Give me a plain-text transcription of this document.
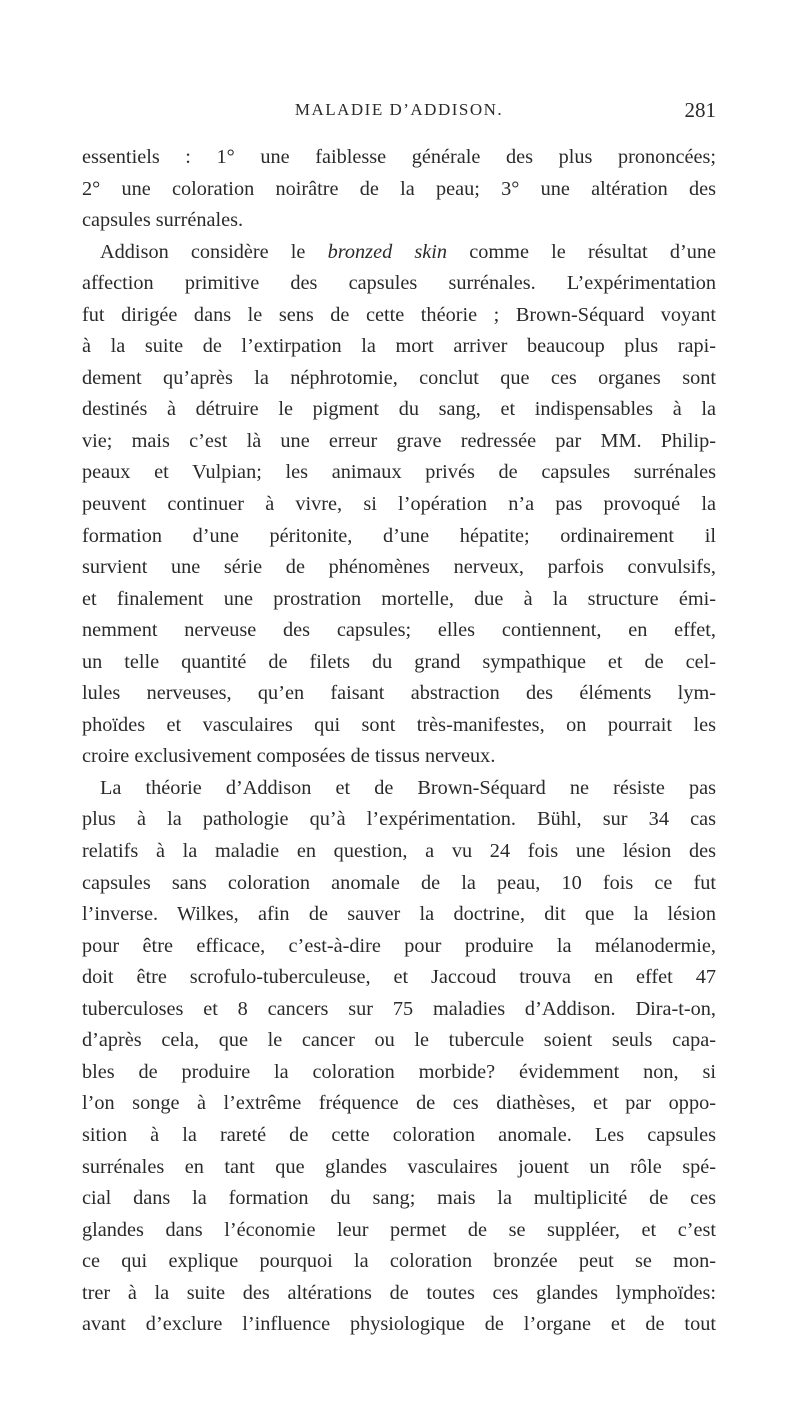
MALADIE D’ADDISON.	281
essentiels : 1° une faiblesse générale des plus prononcées;
2° une coloration noirâtre de la peau; 3° une altération des
capsules surrénales.
Addison considère le bronzed skin comme le résultat d’une
affection primitive des capsules surrénales. L’expérimentation
fut dirigée dans le sens de cette théorie ; Brown-Séquard voyant
à la suite de l’extirpation la mort arriver beaucoup plus rapi-
dement qu’après la néphrotomie, conclut que ces organes sont
destinés à détruire le pigment du sang, et indispensables à la
vie; mais c’est là une erreur grave redressée par MM. Philip-
peaux et Vulpian; les animaux privés de capsules surrénales
peuvent continuer à vivre, si l’opération n’a pas provoqué la
formation d’une péritonite, d’une hépatite; ordinairement il
survient une série de phénomènes nerveux, parfois convulsifs,
et finalement une prostration mortelle, due à la structure émi-
nemment nerveuse des capsules; elles contiennent, en effet,
un telle quantité de filets du grand sympathique et de cel-
lules nerveuses, qu’en faisant abstraction des éléments lym-
phoïdes et vasculaires qui sont très-manifestes, on pourrait les
croire exclusivement composées de tissus nerveux.
La théorie d’Addison et de Brown-Séquard ne résiste pas
plus à la pathologie qu’à l’expérimentation. Bühl, sur 34 cas
relatifs à la maladie en question, a vu 24 fois une lésion des
capsules sans coloration anomale de la peau, 10 fois ce fut
l’inverse. Wilkes, afin de sauver la doctrine, dit que la lésion
pour être efficace, c’est-à-dire pour produire la mélanodermie,
doit être scrofulo-tuberculeuse, et Jaccoud trouva en effet 47
tuberculoses et 8 cancers sur 75 maladies d’Addison. Dira-t-on,
d’après cela, que le cancer ou le tubercule soient seuls capa-
bles de produire la coloration morbide? évidemment non, si
l’on songe à l’extrême fréquence de ces diathèses, et par oppo-
sition à la rareté de cette coloration anomale. Les capsules
surrénales en tant que glandes vasculaires jouent un rôle spé-
cial dans la formation du sang; mais la multiplicité de ces
glandes dans l’économie leur permet de se suppléer, et c’est
ce qui explique pourquoi la coloration bronzée peut se mon-
trer à la suite des altérations de toutes ces glandes lymphoïdes:
avant d’exclure l’influence physiologique de l’organe et de tout
